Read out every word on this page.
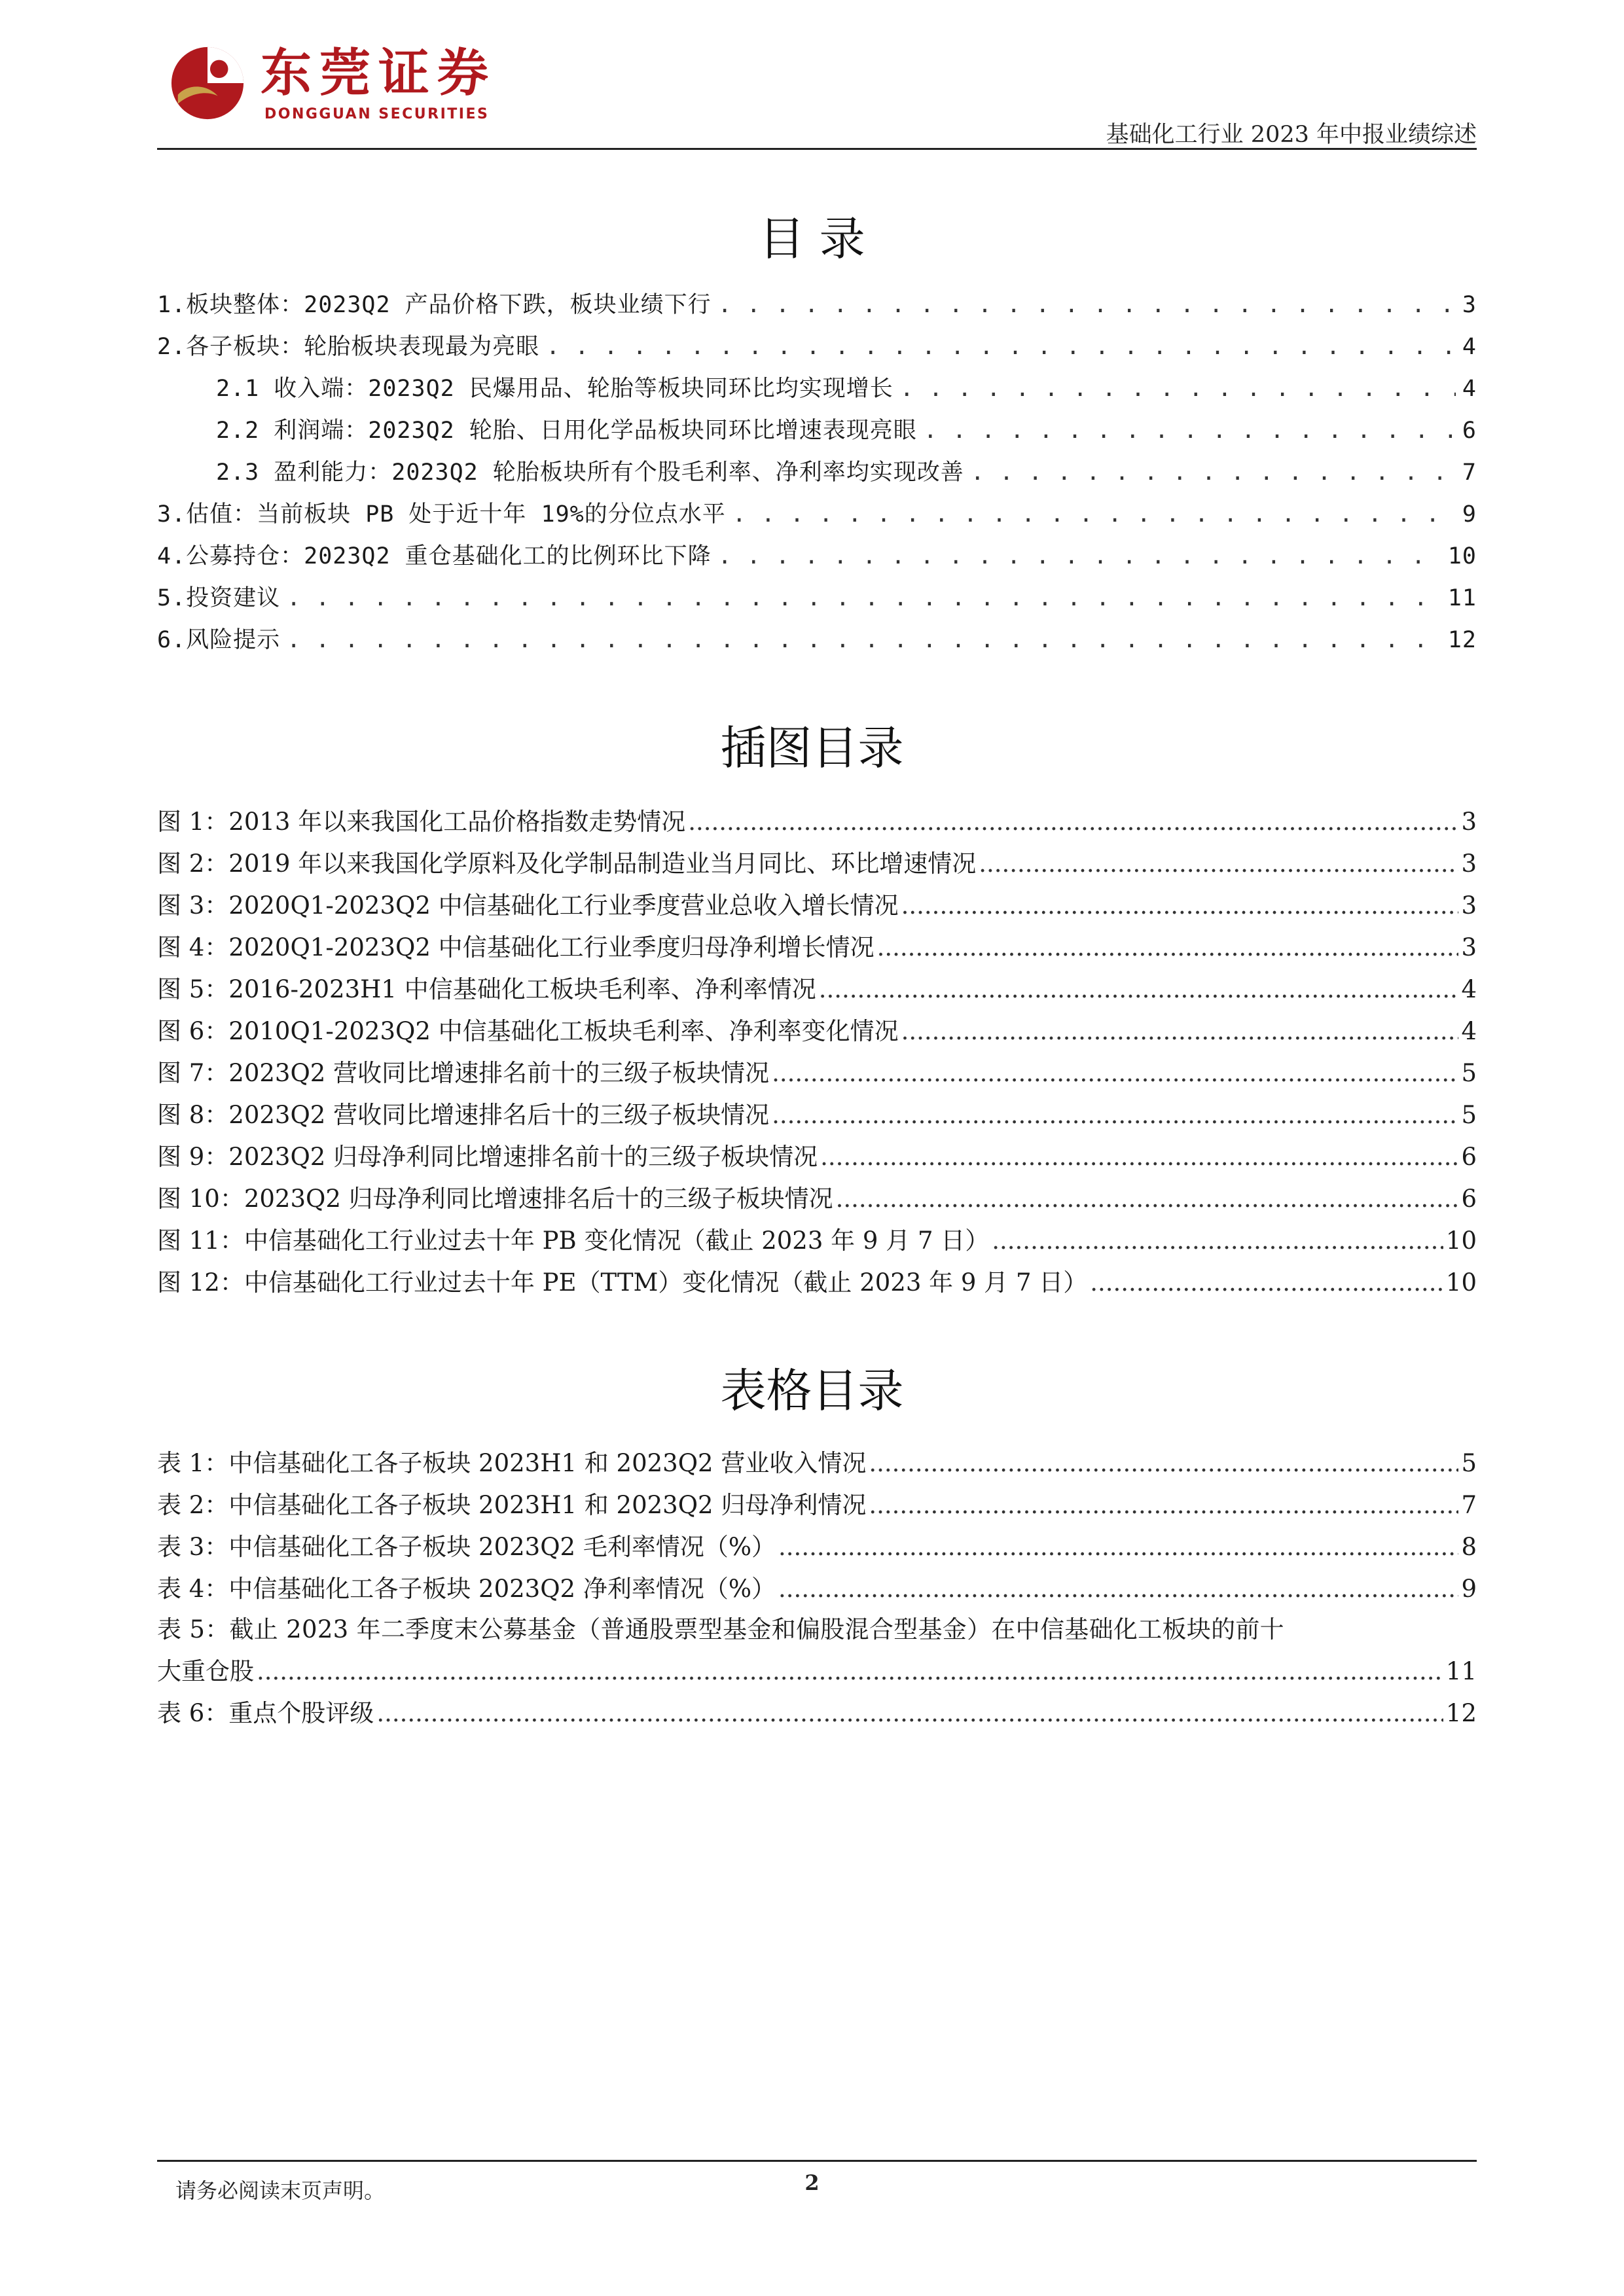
东莞证券
DONGGUAN SECURITIES
基础化工行业 2023 年中报业绩综述
目 录
1.板块整体：2023Q2 产品价格下跌，板块业绩下行 . . .	3
2.各子板块：轮胎板块表现最为亮眼 . . .	4
2.1 收入端：2023Q2 民爆用品、轮胎等板块同环比均实现增长 . . .	4
2.2 利润端：2023Q2 轮胎、日用化学品板块同环比增速表现亮眼 . . .	6
2.3 盈利能力：2023Q2 轮胎板块所有个股毛利率、净利率均实现改善 . . .	7
3.估值：当前板块 PB 处于近十年 19%的分位点水平 . . .	9
4.公募持仓：2023Q2 重仓基础化工的比例环比下降 . . .	10
5.投资建议 . . .	11
6.风险提示 . . .	12
插图目录
图 1：2013 年以来我国化工品价格指数走势情况 .....	3
图 2：2019 年以来我国化学原料及化学制品制造业当月同比、环比增速情况 .....	3
图 3：2020Q1-2023Q2 中信基础化工行业季度营业总收入增长情况 .....	3
图 4：2020Q1-2023Q2 中信基础化工行业季度归母净利增长情况 .....	3
图 5：2016-2023H1 中信基础化工板块毛利率、净利率情况 .....	4
图 6：2010Q1-2023Q2 中信基础化工板块毛利率、净利率变化情况 .....	4
图 7：2023Q2 营收同比增速排名前十的三级子板块情况 .....	5
图 8：2023Q2 营收同比增速排名后十的三级子板块情况 .....	5
图 9：2023Q2 归母净利同比增速排名前十的三级子板块情况 .....	6
图 10：2023Q2 归母净利同比增速排名后十的三级子板块情况 .....	6
图 11：中信基础化工行业过去十年 PB 变化情况（截止 2023 年 9 月 7 日） .....	10
图 12：中信基础化工行业过去十年 PE（TTM）变化情况（截止 2023 年 9 月 7 日） .....	10
表格目录
表 1：中信基础化工各子板块 2023H1 和 2023Q2 营业收入情况 .....	5
表 2：中信基础化工各子板块 2023H1 和 2023Q2 归母净利情况 .....	7
表 3：中信基础化工各子板块 2023Q2 毛利率情况（%） .....	8
表 4：中信基础化工各子板块 2023Q2 净利率情况（%） .....	9
表 5：截止 2023 年二季度末公募基金（普通股票型基金和偏股混合型基金）在中信基础化工板块的前十
大重仓股 .....	11
表 6：重点个股评级 .....	12
请务必阅读末页声明。	2
